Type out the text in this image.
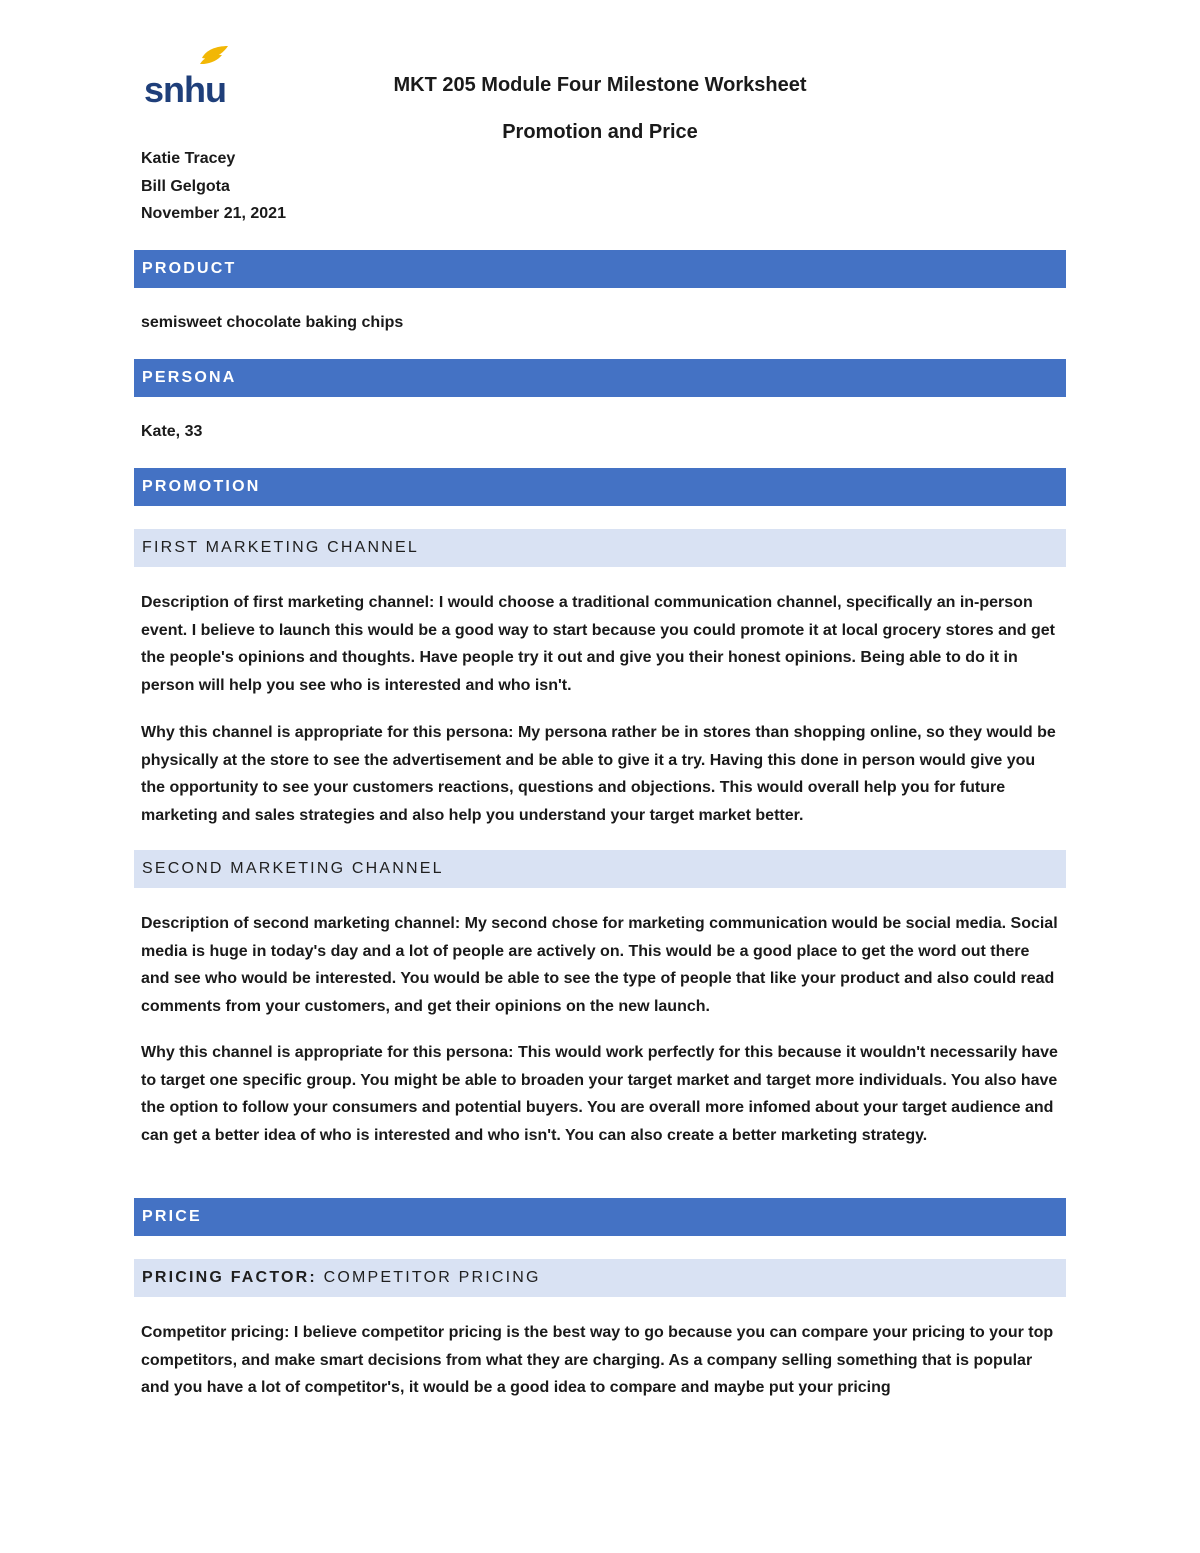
snhu	MKT 205 Module Four Milestone Worksheet
Promotion and Price
Katie Tracey
Bill Gelgota
November 21, 2021
PRODUCT
semisweet chocolate baking chips
PERSONA
Kate, 33
PROMOTION
FIRST MARKETING CHANNEL
Description of first marketing channel: I would choose a traditional communication channel, specifically an in-person event. I believe to launch this would be a good way to start because you could promote it at local grocery stores and get the people's opinions and thoughts. Have people try it out and give you their honest opinions. Being able to do it in person will help you see who is interested and who isn't.
Why this channel is appropriate for this persona: My persona rather be in stores than shopping online, so they would be physically at the store to see the advertisement and be able to give it a try. Having this done in person would give you the opportunity to see your customers reactions, questions and objections. This would overall help you for future marketing and sales strategies and also help you understand your target market better.
SECOND MARKETING CHANNEL
Description of second marketing channel: My second chose for marketing communication would be social media. Social media is huge in today's day and a lot of people are actively on. This would be a good place to get the word out there and see who would be interested. You would be able to see the type of people that like your product and also could read comments from your customers, and get their opinions on the new launch.
Why this channel is appropriate for this persona: This would work perfectly for this because it wouldn't necessarily have to target one specific group. You might be able to broaden your target market and target more individuals. You also have the option to follow your consumers and potential buyers. You are overall more infomed about your target audience and can get a better idea of who is interested and who isn't. You can also create a better marketing strategy.
PRICE
PRICING FACTOR: COMPETITOR PRICING
Competitor pricing: I believe competitor pricing is the best way to go because you can compare your pricing to your top competitors, and make smart decisions from what they are charging. As a company selling something that is popular and you have a lot of competitor's, it would be a good idea to compare and maybe put your pricing
